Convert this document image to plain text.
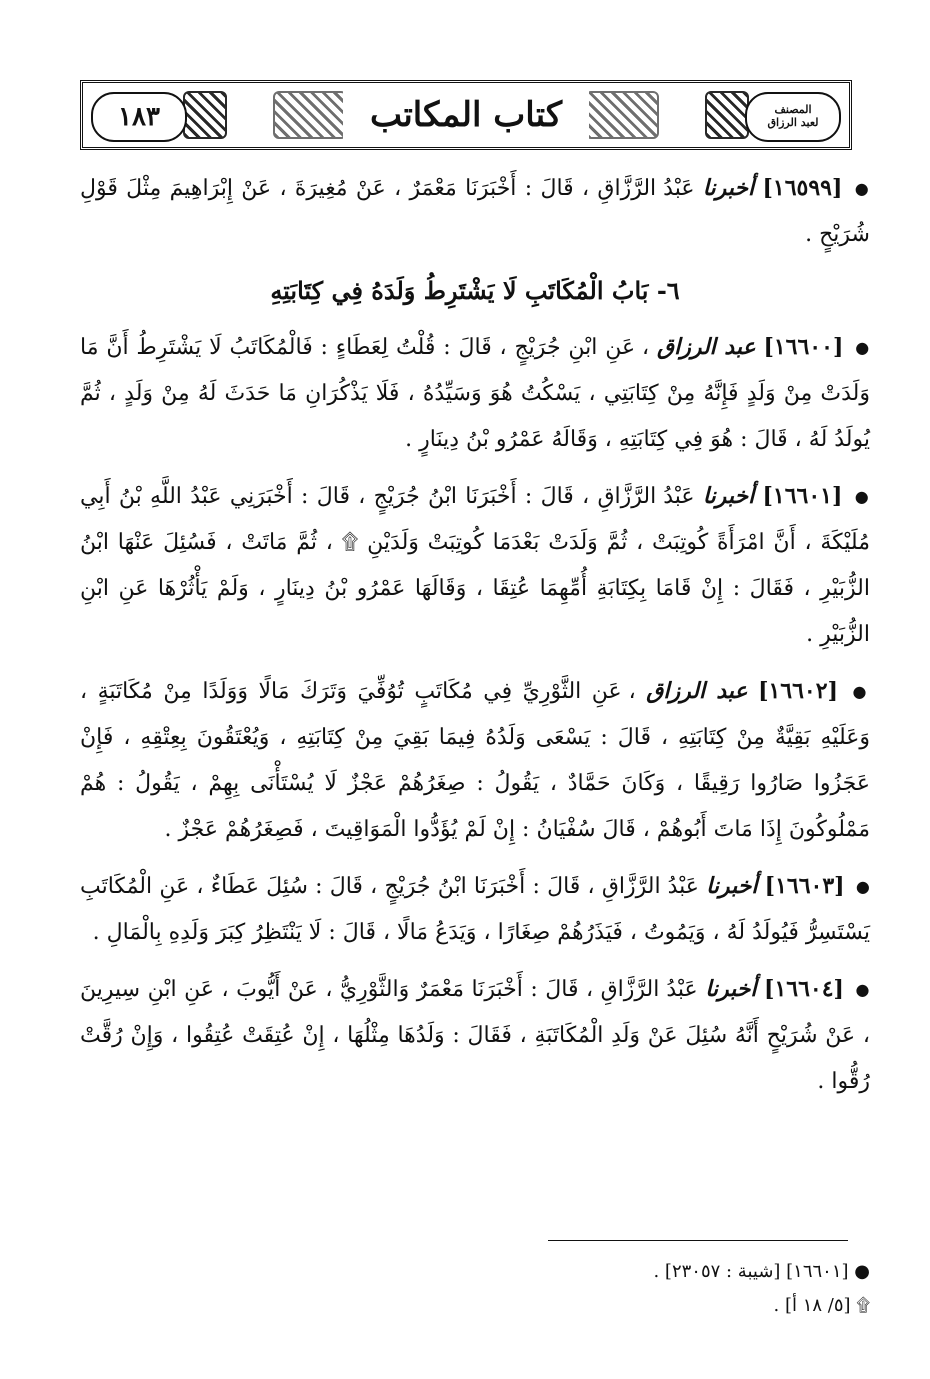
١٨٣	كتاب المكاتب	المصنف
لعبد الرزاق

● [١٦٥٩٩] أخبرنا عَبْدُ الرَّزَّاقِ ، قَالَ : أَخْبَرَنَا مَعْمَرٌ ، عَنْ مُغِيرَةَ ، عَنْ إِبْرَاهِيمَ مِثْلَ قَوْلِ شُرَيْحٍ .

٦- بَابُ الْمُكَاتَبِ لَا يَشْتَرِطُ وَلَدَهُ فِي كِتَابَتِهِ

● [١٦٦٠٠] عبد الرزاق ، عَنِ ابْنِ جُرَيْجٍ ، قَالَ : قُلْتُ لِعَطَاءٍ : فَالْمُكَاتَبُ لَا يَشْتَرِطُ أَنَّ مَا وَلَدَتْ مِنْ وَلَدٍ فَإِنَّهُ مِنْ كِتَابَتِي ، يَسْكُتُ هُوَ وَسَيِّدُهُ ، فَلَا يَذْكُرَانِ مَا حَدَثَ لَهُ مِنْ وَلَدٍ ، ثُمَّ يُولَدُ لَهُ ، قَالَ : هُوَ فِي كِتَابَتِهِ ، وَقَالَهُ عَمْرُو بْنُ دِينَارٍ .

● [١٦٦٠١] أخبرنا عَبْدُ الرَّزَّاقِ ، قَالَ : أَخْبَرَنَا ابْنُ جُرَيْجٍ ، قَالَ : أَخْبَرَنِي عَبْدُ اللَّهِ بْنُ أَبِي مُلَيْكَةَ ، أَنَّ امْرَأَةً كُوتِبَتْ ، ثُمَّ وَلَدَتْ بَعْدَمَا كُوتِبَتْ وَلَدَيْنِ ۩ ، ثُمَّ مَاتَتْ ، فَسُئِلَ عَنْهَا ابْنُ الزُّبَيْرِ ، فَقَالَ : إِنْ قَامَا بِكِتَابَةِ أُمِّهِمَا عُتِقَا ، وَقَالَهَا عَمْرُو بْنُ دِينَارٍ ، وَلَمْ يَأْثُرْهَا عَنِ ابْنِ الزُّبَيْرِ .

● [١٦٦٠٢] عبد الرزاق ، عَنِ الثَّوْرِيِّ فِي مُكَاتَبٍ تُوُفِّيَ وَتَرَكَ مَالًا وَوَلَدًا مِنْ مُكَاتَبَةٍ ، وَعَلَيْهِ بَقِيَّةٌ مِنْ كِتَابَتِهِ ، قَالَ : يَسْعَى وَلَدُهُ فِيمَا بَقِيَ مِنْ كِتَابَتِهِ ، وَيُعْتَقُونَ بِعِتْقِهِ ، فَإِنْ عَجَزُوا صَارُوا رَقِيقًا ، وَكَانَ حَمَّادٌ ، يَقُولُ : صِغَرُهُمْ عَجْزٌ لَا يُسْتَأْنَى بِهِمْ ، يَقُولُ : هُمْ مَمْلُوكُونَ إِذَا مَاتَ أَبُوهُمْ ، قَالَ سُفْيَانُ : إِنْ لَمْ يُؤَدُّوا الْمَوَاقِيتَ ، فَصِغَرُهُمْ عَجْزٌ .

● [١٦٦٠٣] أخبرنا عَبْدُ الرَّزَّاقِ ، قَالَ : أَخْبَرَنَا ابْنُ جُرَيْجٍ ، قَالَ : سُئِلَ عَطَاءٌ ، عَنِ الْمُكَاتَبِ يَسْتَسِرُّ فَيُولَدُ لَهُ ، وَيَمُوتُ ، فَيَذَرُهُمْ صِغَارًا ، وَيَدَعُ مَالًا ، قَالَ : لَا يَنْتَظِرُ كِبَرَ وَلَدِهِ بِالْمَالِ .

● [١٦٦٠٤] أخبرنا عَبْدُ الرَّزَّاقِ ، قَالَ : أَخْبَرَنَا مَعْمَرٌ وَالثَّوْرِيُّ ، عَنْ أَيُّوبَ ، عَنِ ابْنِ سِيرِينَ ، عَنْ شُرَيْحٍ أَنَّهُ سُئِلَ عَنْ وَلَدِ الْمُكَاتَبَةِ ، فَقَالَ : وَلَدُهَا مِثْلُهَا ، إِنْ عُتِقَتْ عُتِقُوا ، وَإِنْ رُقَّتْ رُقُّوا .

● [١٦٦٠١] [شيبة : ٢٣٠٥٧] .

۩ [٥/ ١٨ أ] .
